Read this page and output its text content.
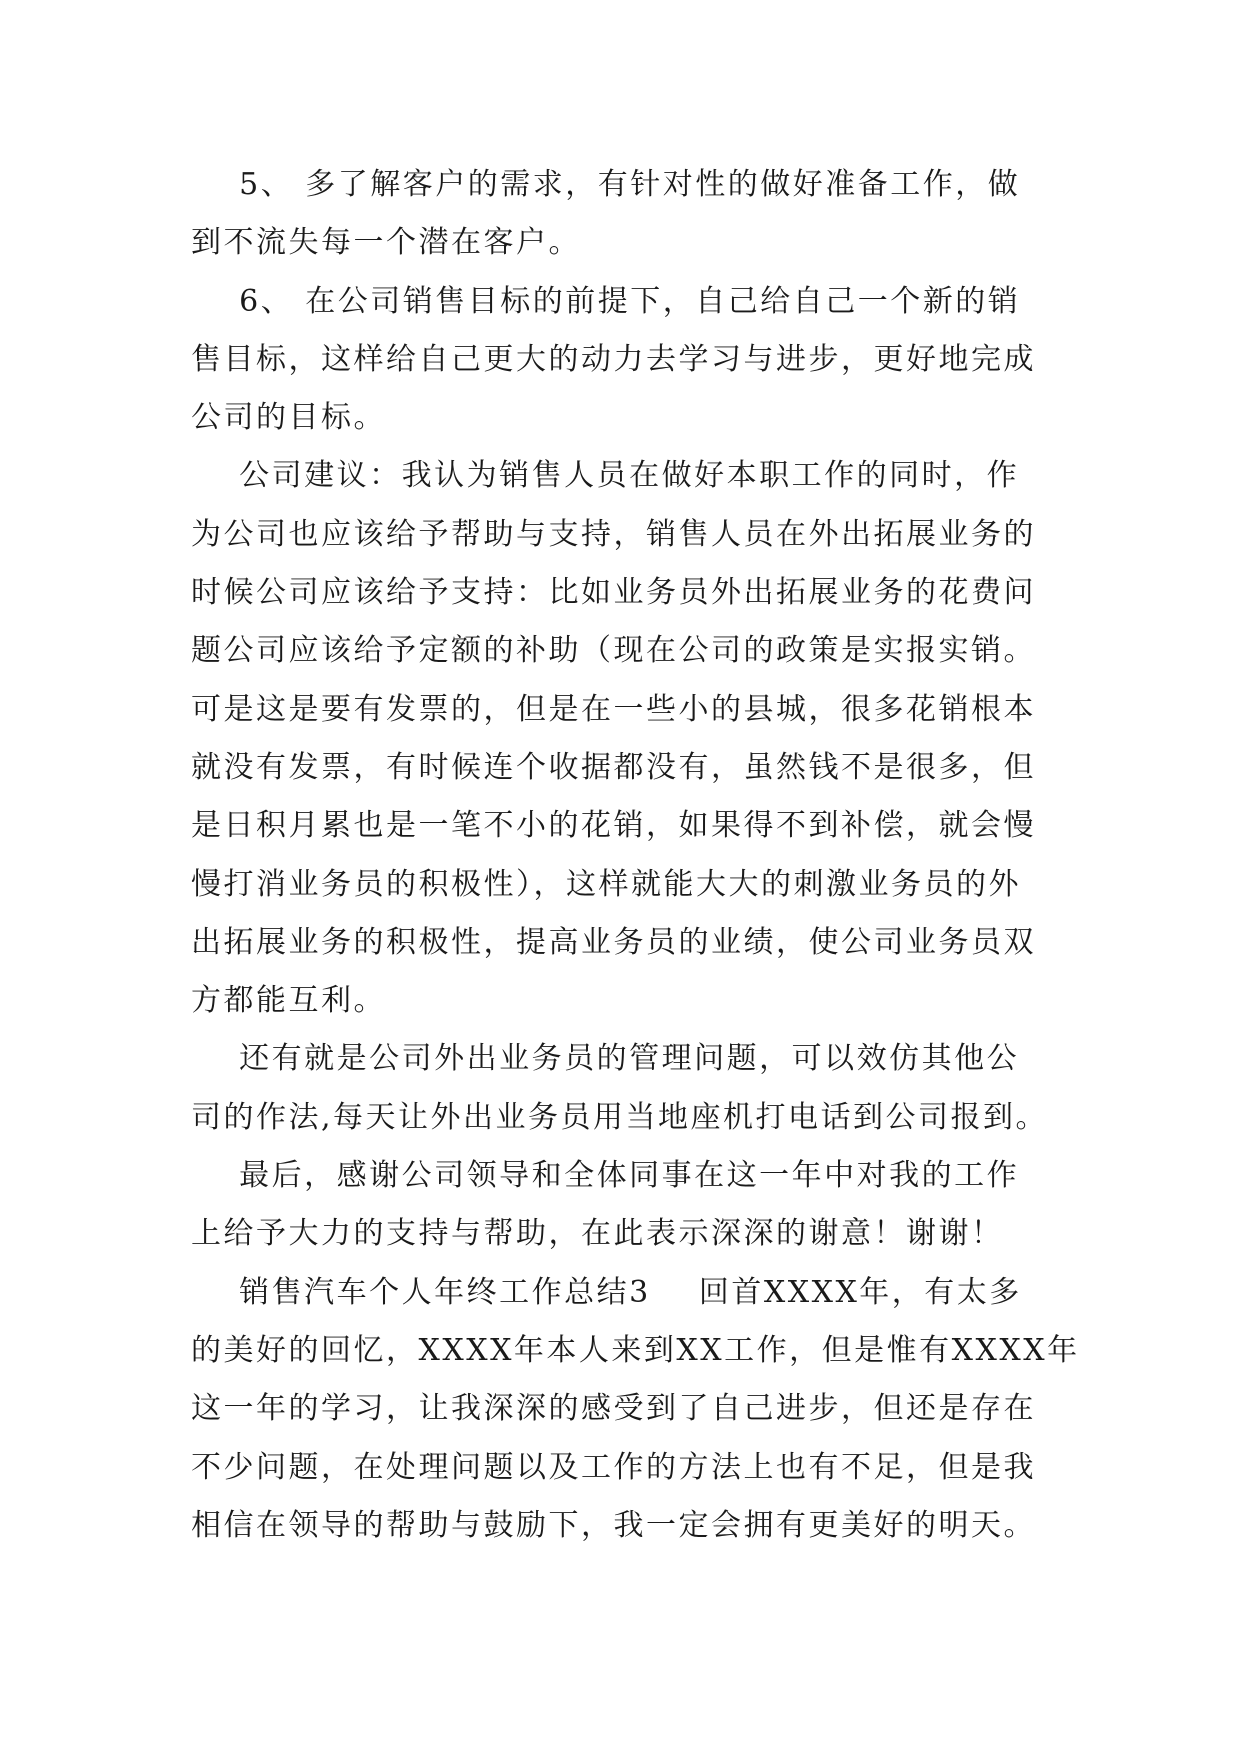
5、 多了解客户的需求，有针对性的做好准备工作，做
到不流失每一个潜在客户。
6、 在公司销售目标的前提下，自己给自己一个新的销
售目标，这样给自己更大的动力去学习与进步，更好地完成
公司的目标。
公司建议：我认为销售人员在做好本职工作的同时，作
为公司也应该给予帮助与支持，销售人员在外出拓展业务的
时候公司应该给予支持：比如业务员外出拓展业务的花费问
题公司应该给予定额的补助（现在公司的政策是实报实销。
可是这是要有发票的，但是在一些小的县城，很多花销根本
就没有发票，有时候连个收据都没有，虽然钱不是很多，但
是日积月累也是一笔不小的花销，如果得不到补偿，就会慢
慢打消业务员的积极性），这样就能大大的刺激业务员的外
出拓展业务的积极性，提高业务员的业绩，使公司业务员双
方都能互利。
还有就是公司外出业务员的管理问题，可以效仿其他公
司的作法,每天让外出业务员用当地座机打电话到公司报到。
最后，感谢公司领导和全体同事在这一年中对我的工作
上给予大力的支持与帮助，在此表示深深的谢意！谢谢！
销售汽车个人年终工作总结3    回首XXXX年，有太多
的美好的回忆，XXXX年本人来到XX工作，但是惟有XXXX年
这一年的学习，让我深深的感受到了自己进步，但还是存在
不少问题，在处理问题以及工作的方法上也有不足，但是我
相信在领导的帮助与鼓励下，我一定会拥有更美好的明天。
